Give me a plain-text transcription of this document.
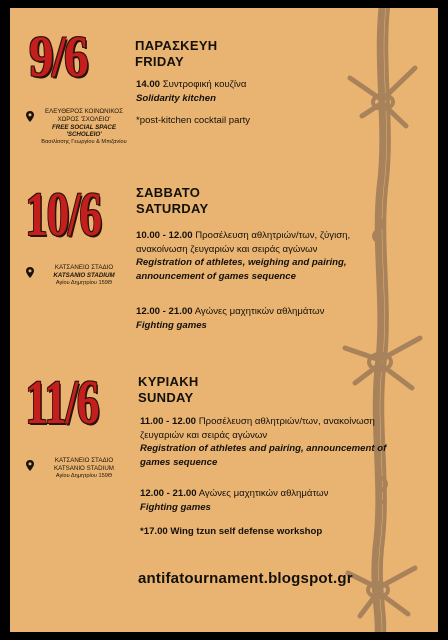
9/6
ΕΛΕΥΘΕΡΟΣ ΚΟΙΝΩΝΙΚΟΣ
ΧΩΡΟΣ 'ΣΧΟΛΕΙΟ'
FREE SOCIAL SPACE
'SCHOLEIO'
Βασιλίσσης Γεωργίου & Μπιζανίου
ΠΑΡΑΣΚΕΥΗ
FRIDAY
14.00 Συντροφική κουζίνα
Solidarity kitchen
*post-kitchen cocktail party
10/6
ΚΑΤΣΑΝΕΙΟ ΣΤΑΔΙΟ
KATSANIO STADIUM
Αγίου Δημητρίου 159Θ
ΣΑΒΒΑΤΟ
SATURDAY
10.00 - 12.00 Προσέλευση αθλητριών/των, ζύγιση, ανακοίνωση ζευγαριών και σειράς αγώνων
Registration of athletes, weighing and pairing, announcement of games sequence
12.00 - 21.00 Αγώνες μαχητικών αθλημάτων
Fighting games
11/6
ΚΑΤΣΑΝΕΙΟ ΣΤΑΔΙΟ
KATSANIO STADIUM
Αγίου Δημητρίου 159Θ
ΚΥΡΙΑΚΗ
SUNDAY
11.00 - 12.00 Προσέλευση αθλητριών/των, ανακοίνωση ζευγαριών και σειράς αγώνων
Registration of athletes and pairing, announcement of games sequence
12.00 - 21.00 Αγώνες μαχητικών αθλημάτων
Fighting games
*17.00 Wing tzun self defense workshop
antifatournament.blogspot.gr
